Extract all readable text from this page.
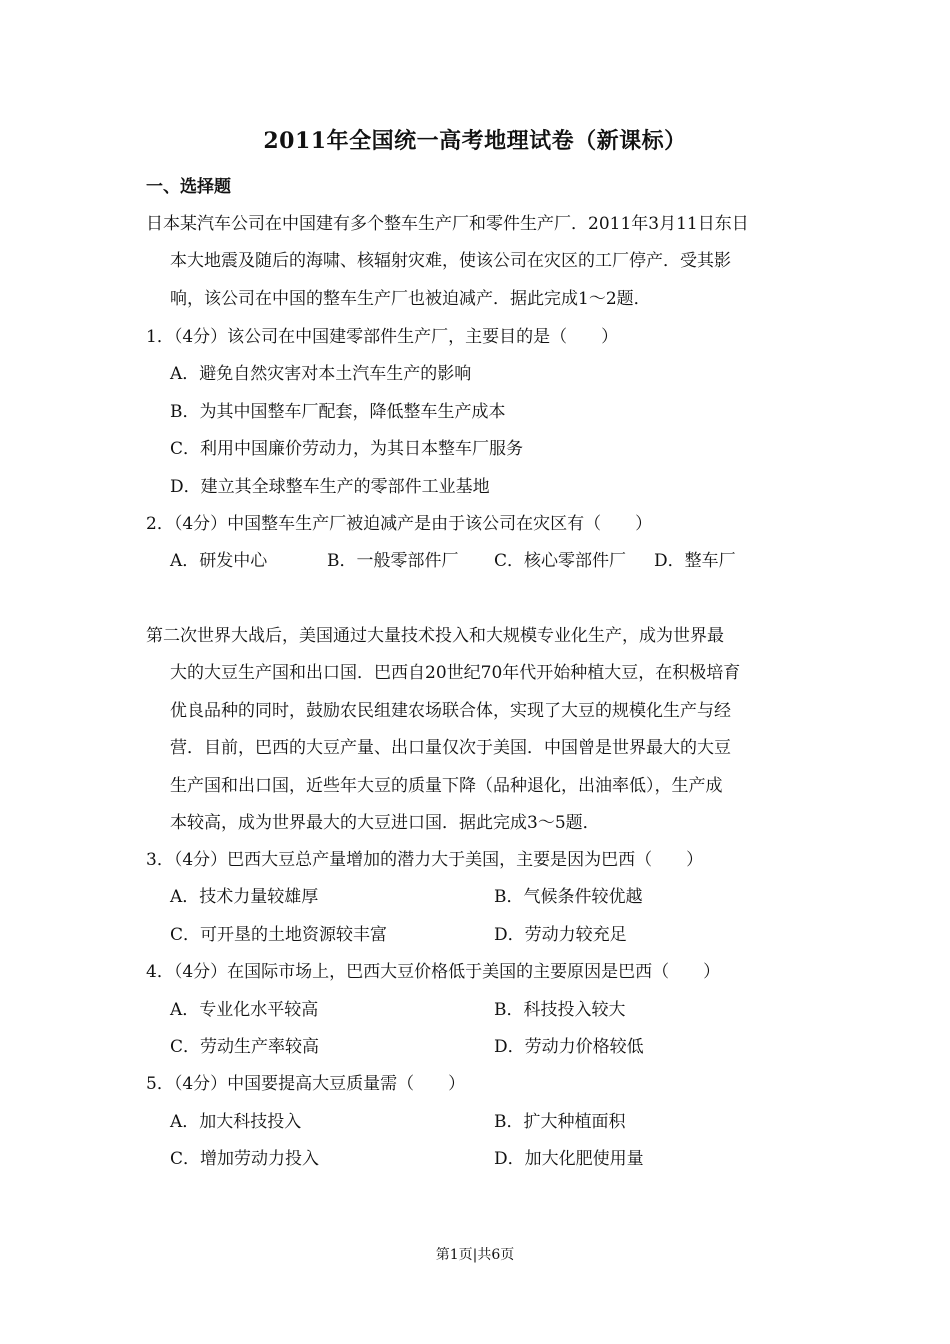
2011年全国统一高考地理试卷（新课标）
一、选择题
日本某汽车公司在中国建有多个整车生产厂和零件生产厂．2011年3月11日东日
本大地震及随后的海啸、核辐射灾难，使该公司在灾区的工厂停产．受其影
响，该公司在中国的整车生产厂也被迫减产．据此完成1～2题．
1．（4分）该公司在中国建零部件生产厂，主要目的是（　　）
A．避免自然灾害对本土汽车生产的影响
B．为其中国整车厂配套，降低整车生产成本
C．利用中国廉价劳动力，为其日本整车厂服务
D．建立其全球整车生产的零部件工业基地
2．（4分）中国整车生产厂被迫减产是由于该公司在灾区有（　　）
A．研发中心	B．一般零部件厂 C．核心零部件厂 D．整车厂
第二次世界大战后，美国通过大量技术投入和大规模专业化生产，成为世界最
大的大豆生产国和出口国．巴西自20世纪70年代开始种植大豆，在积极培育
优良品种的同时，鼓励农民组建农场联合体，实现了大豆的规模化生产与经
营．目前，巴西的大豆产量、出口量仅次于美国．中国曾是世界最大的大豆
生产国和出口国，近些年大豆的质量下降（品种退化，出油率低），生产成
本较高，成为世界最大的大豆进口国．据此完成3～5题．
3．（4分）巴西大豆总产量增加的潜力大于美国，主要是因为巴西（　　）
A．技术力量较雄厚	B．气候条件较优越
C．可开垦的土地资源较丰富	D．劳动力较充足
4．（4分）在国际市场上，巴西大豆价格低于美国的主要原因是巴西（　　）
A．专业化水平较高	B．科技投入较大
C．劳动生产率较高	D．劳动力价格较低
5．（4分）中国要提高大豆质量需（　　）
A．加大科技投入	B．扩大种植面积
C．增加劳动力投入	D．加大化肥使用量
第1页|共6页
